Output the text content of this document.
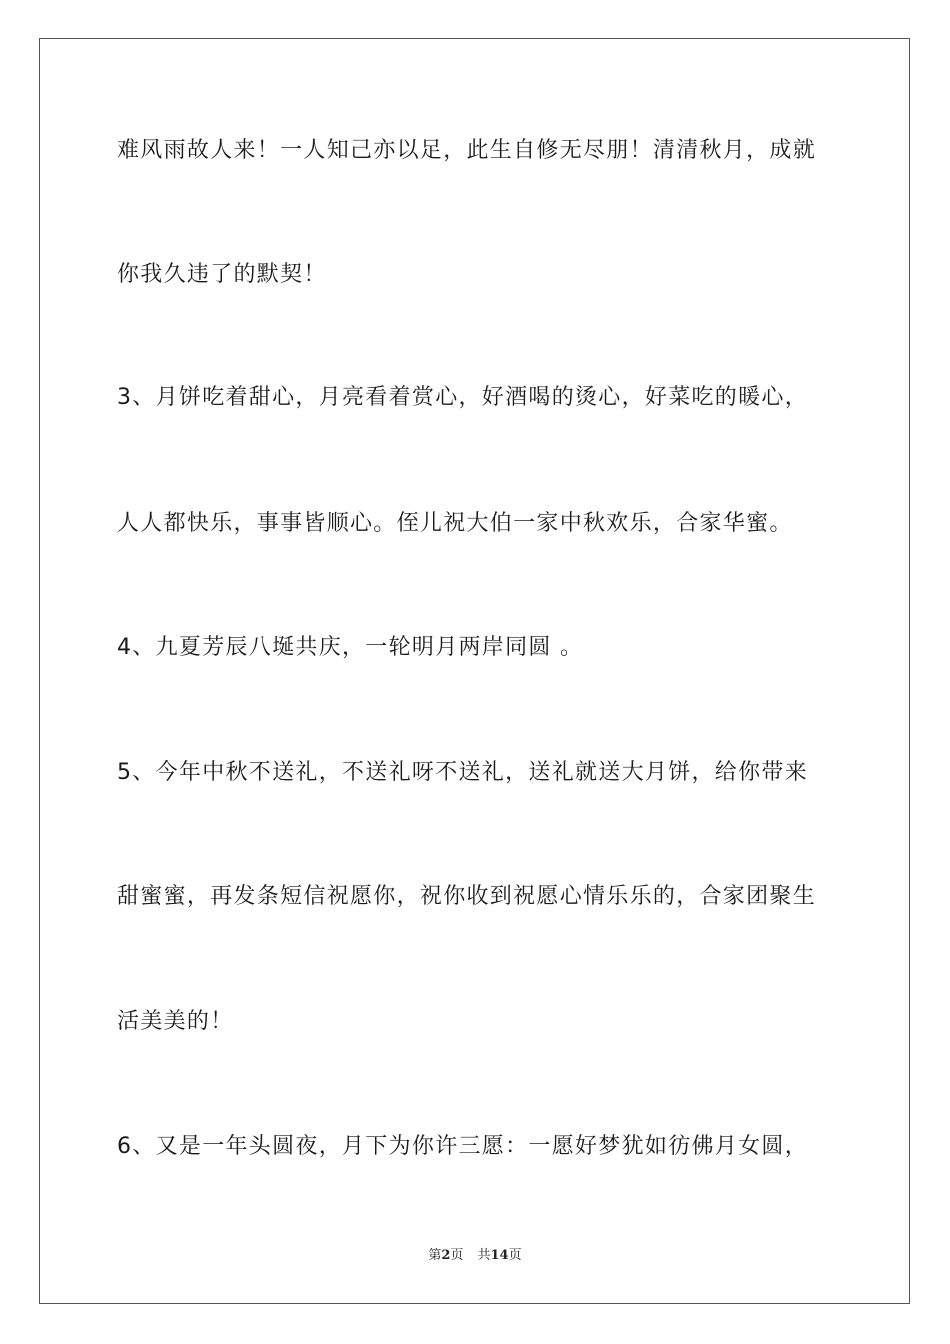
难风雨故人来！一人知己亦以足，此生自修无尽朋！清清秋月，成就
你我久违了的默契！
3、月饼吃着甜心，月亮看着赏心，好酒喝的烫心，好菜吃的暖心，
人人都快乐，事事皆顺心。侄儿祝大伯一家中秋欢乐，合家华蜜。
4、九夏芳辰八埏共庆，一轮明月两岸同圆 。
5、今年中秋不送礼，不送礼呀不送礼，送礼就送大月饼，给你带来
甜蜜蜜，再发条短信祝愿你，祝你收到祝愿心情乐乐的，合家团聚生
活美美的！
6、又是一年头圆夜，月下为你许三愿：一愿好梦犹如彷佛月女圆，
第2页 共14页
